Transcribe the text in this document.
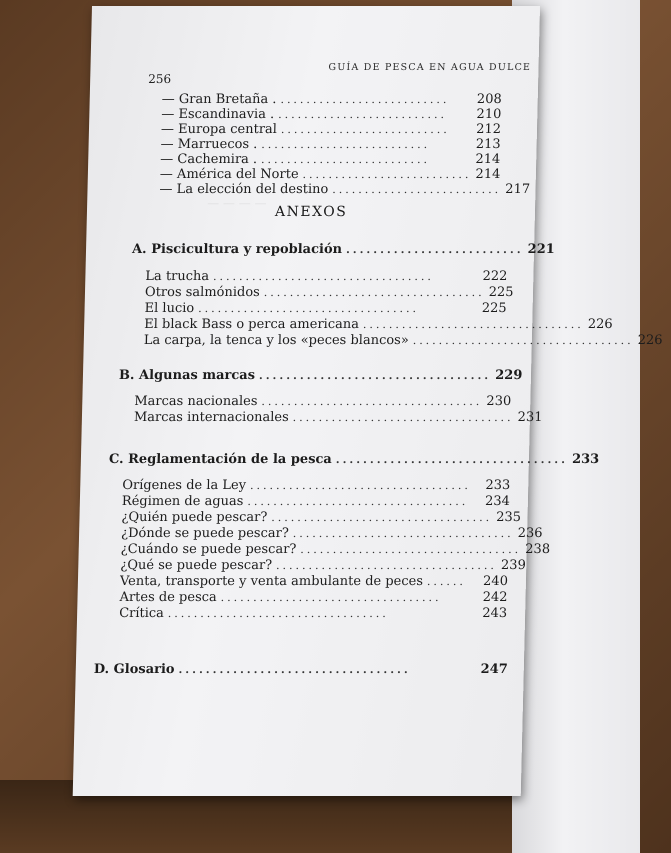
— — — —
GUÍA DE PESCA EN AGUA DULCE
256
— Gran Bretaña . ..........................	208
— Escandinavia . ..........................	210
— Europa central ..........................	212
— Marruecos . ..........................	213
— Cachemira . ..........................	214
— América del Norte .......................... 214
— La elección del destino .......................... 217
ANEXOS
A. Piscicultura y repoblación .......................... 221
La trucha ..................................	222
Otros salmónidos .................................. 225
El lucio ..................................	225
El black Bass o perca americana .................................. 226
La carpa, la tenca y los «peces blancos» .................................. 226
B. Algunas marcas .................................. 229
Marcas nacionales .................................. 230
Marcas internacionales .................................. 231
C. Reglamentación de la pesca .................................. 233
Orígenes de la Ley ..................................	233
Régimen de aguas ..................................	234
¿Quién puede pescar? .................................. 235
¿Dónde se puede pescar? .................................. 236
¿Cuándo se puede pescar? .................................. 238
¿Qué se puede pescar? .................................. 239
Venta, transporte y venta ambulante de peces ......	240
Artes de pesca ..................................	242
Crítica ..................................	243
D. Glosario ..................................	247
